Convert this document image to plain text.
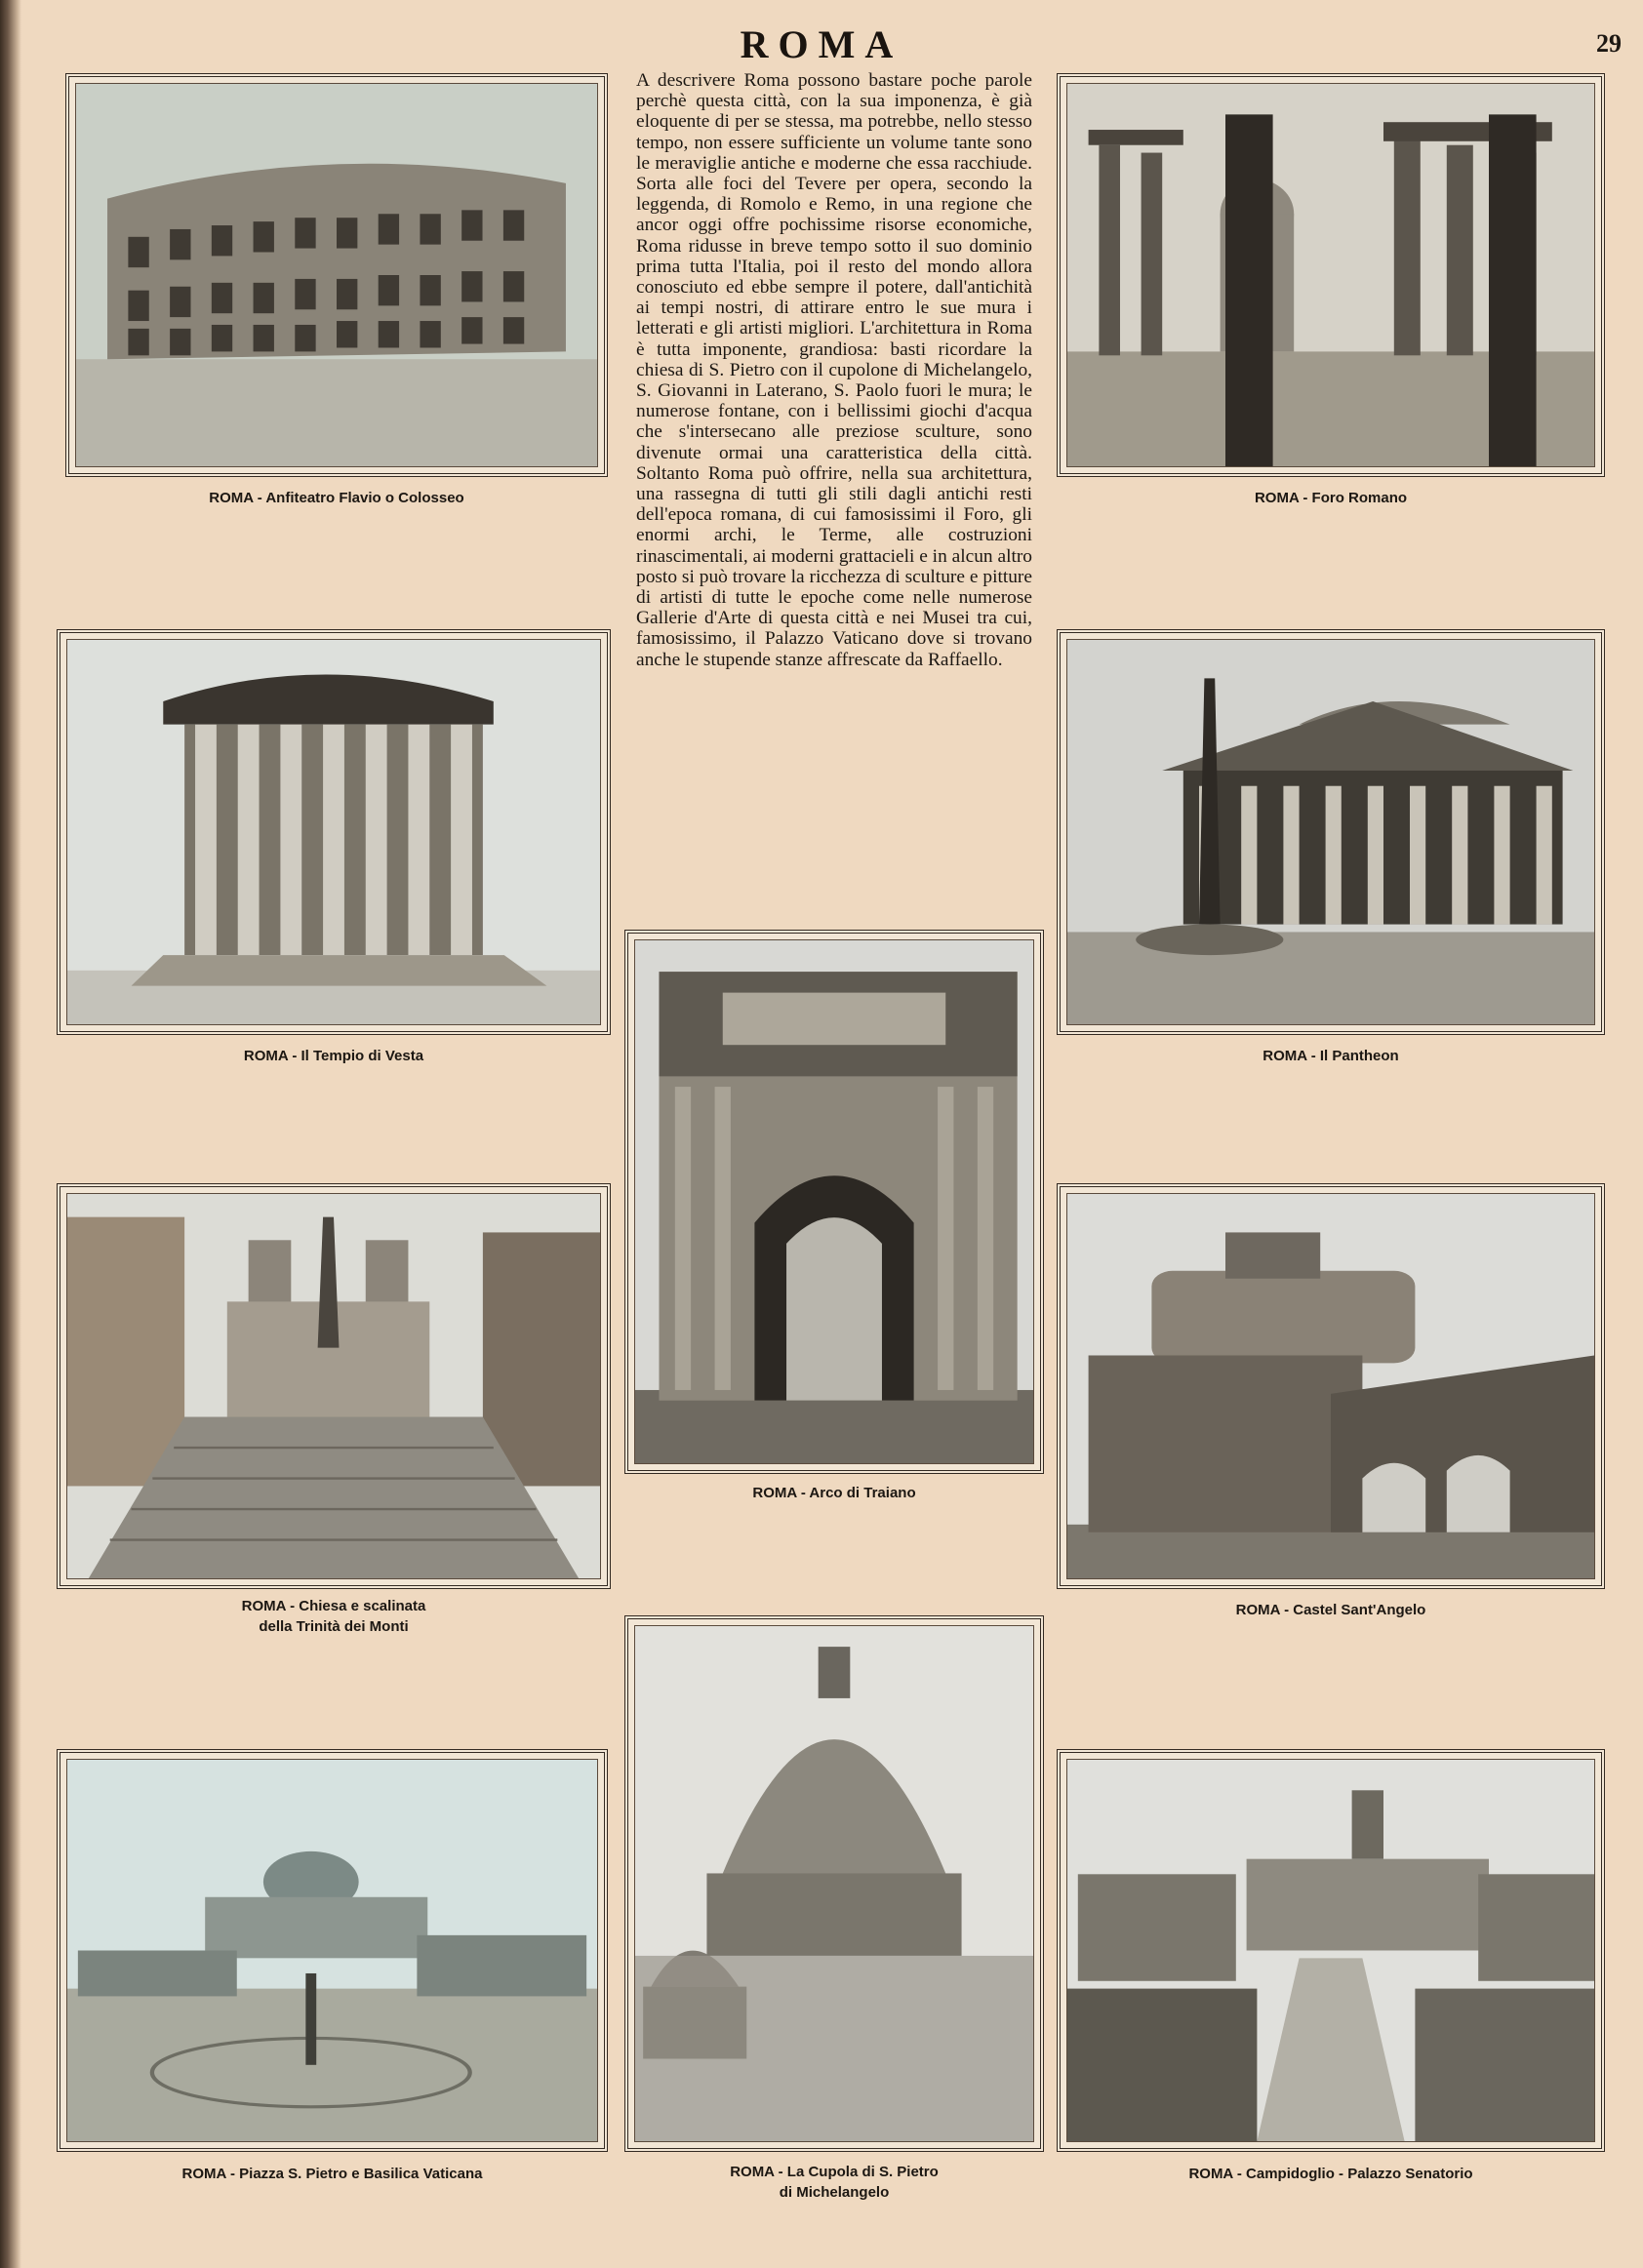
ROMA	29
A descrivere Roma possono bastare poche parole perchè questa città, con la sua imponenza, è già eloquente di per se stessa, ma potrebbe, nello stesso tempo, non essere sufficiente un volume tante sono le meraviglie antiche e moderne che essa racchiude. Sorta alle foci del Tevere per opera, secondo la leggenda, di Romolo e Remo, in una regione che ancor oggi offre pochissime risorse economiche, Roma ridusse in breve tempo sotto il suo dominio prima tutta l'Italia, poi il resto del mondo allora conosciuto ed ebbe sempre il potere, dall'antichità ai tempi nostri, di attirare entro le sue mura i letterati e gli artisti migliori. L'architettura in Roma è tutta imponente, grandiosa: basti ricordare la chiesa di S. Pietro con il cupolone di Michelangelo, S. Giovanni in Laterano, S. Paolo fuori le mura; le numerose fontane, con i bellissimi giochi d'acqua che s'intersecano alle preziose sculture, sono divenute ormai una caratteristica della città. Soltanto Roma può offrire, nella sua architettura, una rassegna di tutti gli stili dagli antichi resti dell'epoca romana, di cui famosissimi il Foro, gli enormi archi, le Terme, alle costruzioni rinascimentali, ai moderni grattacieli e in alcun altro posto si può trovare la ricchezza di sculture e pitture di artisti di tutte le epoche come nelle numerose Gallerie d'Arte di questa città e nei Musei tra cui, famosissimo, il Palazzo Vaticano dove si trovano anche le stupende stanze affrescate da Raffaello.
ROMA - Anfiteatro Flavio o Colosseo	ROMA - Foro Romano
ROMA - Il Tempio di Vesta	ROMA - Il Pantheon
ROMA - Arco di Traiano
ROMA - Chiesa e scalinata
della Trinità dei Monti
ROMA - Castel Sant'Angelo
ROMA - Piazza S. Pietro e Basilica Vaticana	ROMA - La Cupola di S. Pietro
di Michelangelo
ROMA - Campidoglio - Palazzo Senatorio
